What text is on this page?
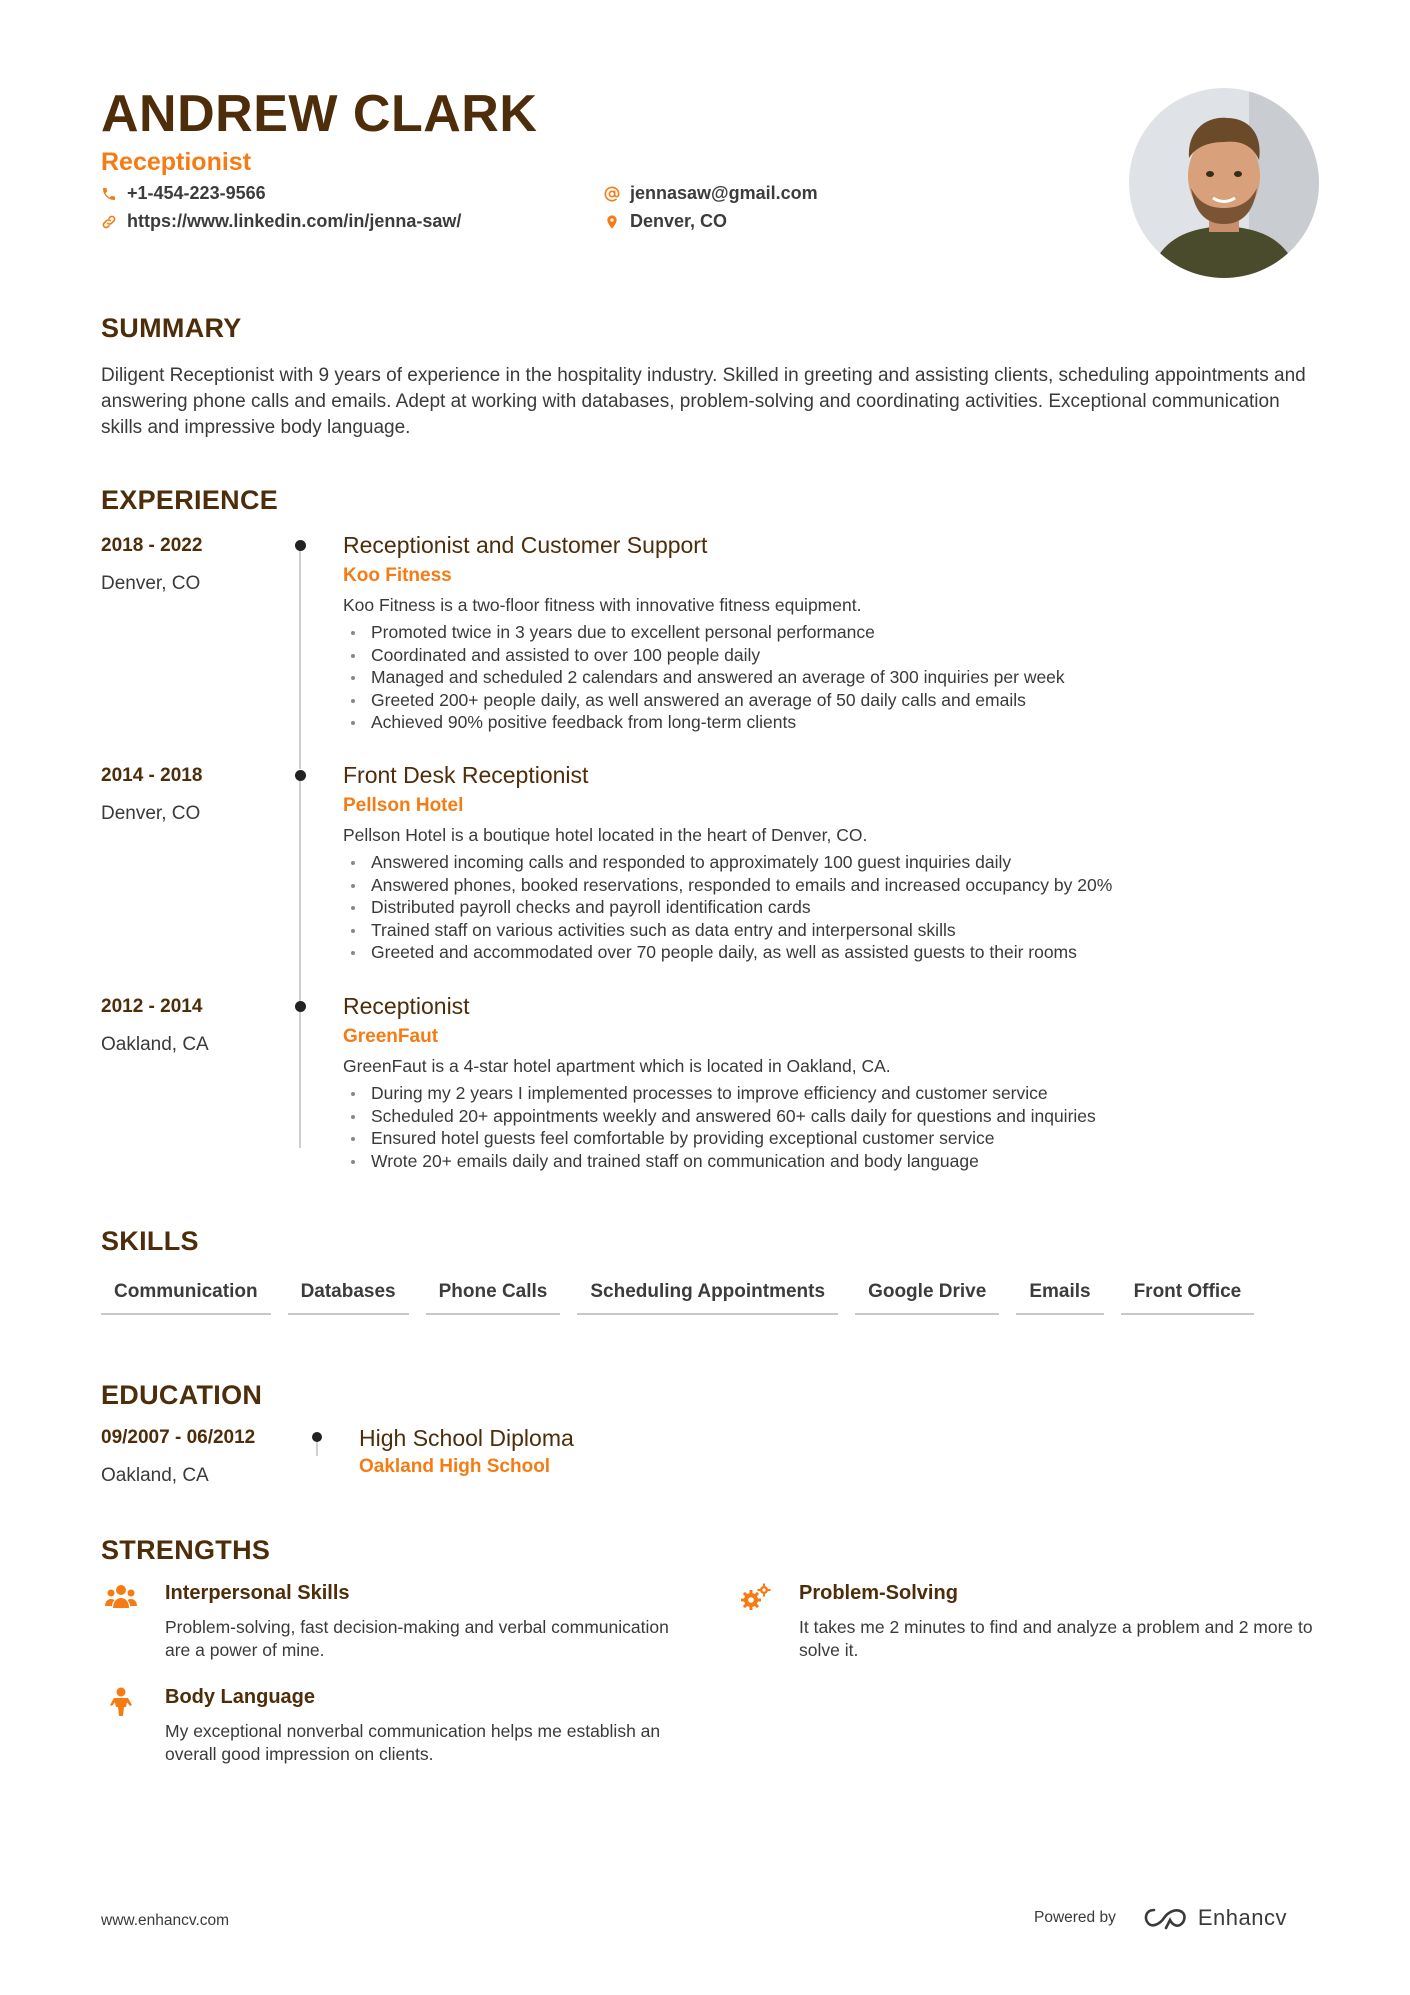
ANDREW CLARK
Receptionist
+1-454-223-9566
https://www.linkedin.com/in/jenna-saw/
jennasaw@gmail.com
Denver, CO
SUMMARY
Diligent Receptionist with 9 years of experience in the hospitality industry. Skilled in greeting and assisting clients, scheduling appointments and answering phone calls and emails. Adept at working with databases, problem-solving and coordinating activities. Exceptional communication skills and impressive body language.
EXPERIENCE
2018 - 2022
Denver, CO
Receptionist and Customer Support
Koo Fitness
Koo Fitness is a two-floor fitness with innovative fitness equipment.
Promoted twice in 3 years due to excellent personal performance
Coordinated and assisted to over 100 people daily
Managed and scheduled 2 calendars and answered an average of 300 inquiries per week
Greeted 200+ people daily, as well answered an average of 50 daily calls and emails
Achieved 90% positive feedback from long-term clients
2014 - 2018
Denver, CO
Front Desk Receptionist
Pellson Hotel
Pellson Hotel is a boutique hotel located in the heart of Denver, CO.
Answered incoming calls and responded to approximately 100 guest inquiries daily
Answered phones, booked reservations, responded to emails and increased occupancy by 20%
Distributed payroll checks and payroll identification cards
Trained staff on various activities such as data entry and interpersonal skills
Greeted and accommodated over 70 people daily, as well as assisted guests to their rooms
2012 - 2014
Oakland, CA
Receptionist
GreenFaut
GreenFaut is a 4-star hotel apartment which is located in Oakland, CA.
During my 2 years I implemented processes to improve efficiency and customer service
Scheduled 20+ appointments weekly and answered 60+ calls daily for questions and inquiries
Ensured hotel guests feel comfortable by providing exceptional customer service
Wrote 20+ emails daily and trained staff on communication and body language
SKILLS
Communication	Databases	Phone Calls	Scheduling Appointments	Google Drive	Emails	Front Office
EDUCATION
09/2007 - 06/2012
Oakland, CA
High School Diploma
Oakland High School
STRENGTHS
Interpersonal Skills
Problem-solving, fast decision-making and verbal communication are a power of mine.
Problem-Solving
It takes me 2 minutes to find and analyze a problem and 2 more to solve it.
Body Language
My exceptional nonverbal communication helps me establish an overall good impression on clients.
www.enhancv.com	Powered by	Enhancv
